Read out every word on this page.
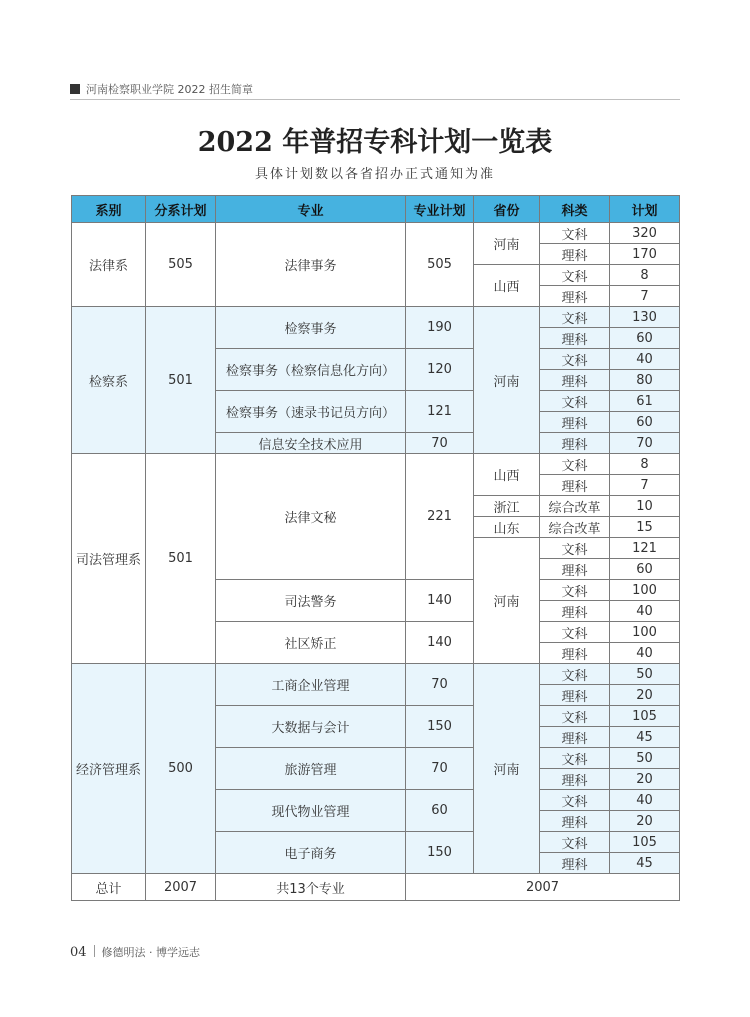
河南检察职业学院 2022 招生简章
2022 年普招专科计划一览表
具体计划数以各省招办正式通知为准
系别	分系计划	专业	专业计划	省份	科类	计划
法律系	505	法律事务	505	河南	文科	320
					理科	170
				山西	文科	8
					理科	7
检察系	501	检察事务	190	河南	文科	130
					理科	60
		检察事务（检察信息化方向）	120		文科	40
					理科	80
		检察事务（速录书记员方向）	121		文科	61
					理科	60
		信息安全技术应用	70		理科	70
司法管理系	501	法律文秘	221	山西	文科	8
					理科	7
				浙江	综合改革	10
				山东	综合改革	15
				河南	文科	121
					理科	60
		司法警务	140		文科	100
					理科	40
		社区矫正	140		文科	100
					理科	40
经济管理系	500	工商企业管理	70	河南	文科	50
					理科	20
		大数据与会计	150		文科	105
					理科	45
		旅游管理	70		文科	50
					理科	20
		现代物业管理	60		文科	40
					理科	20
		电子商务	150		文科	105
					理科	45
总计	2007	共13个专业	2007			
04 修德明法 · 博学远志
